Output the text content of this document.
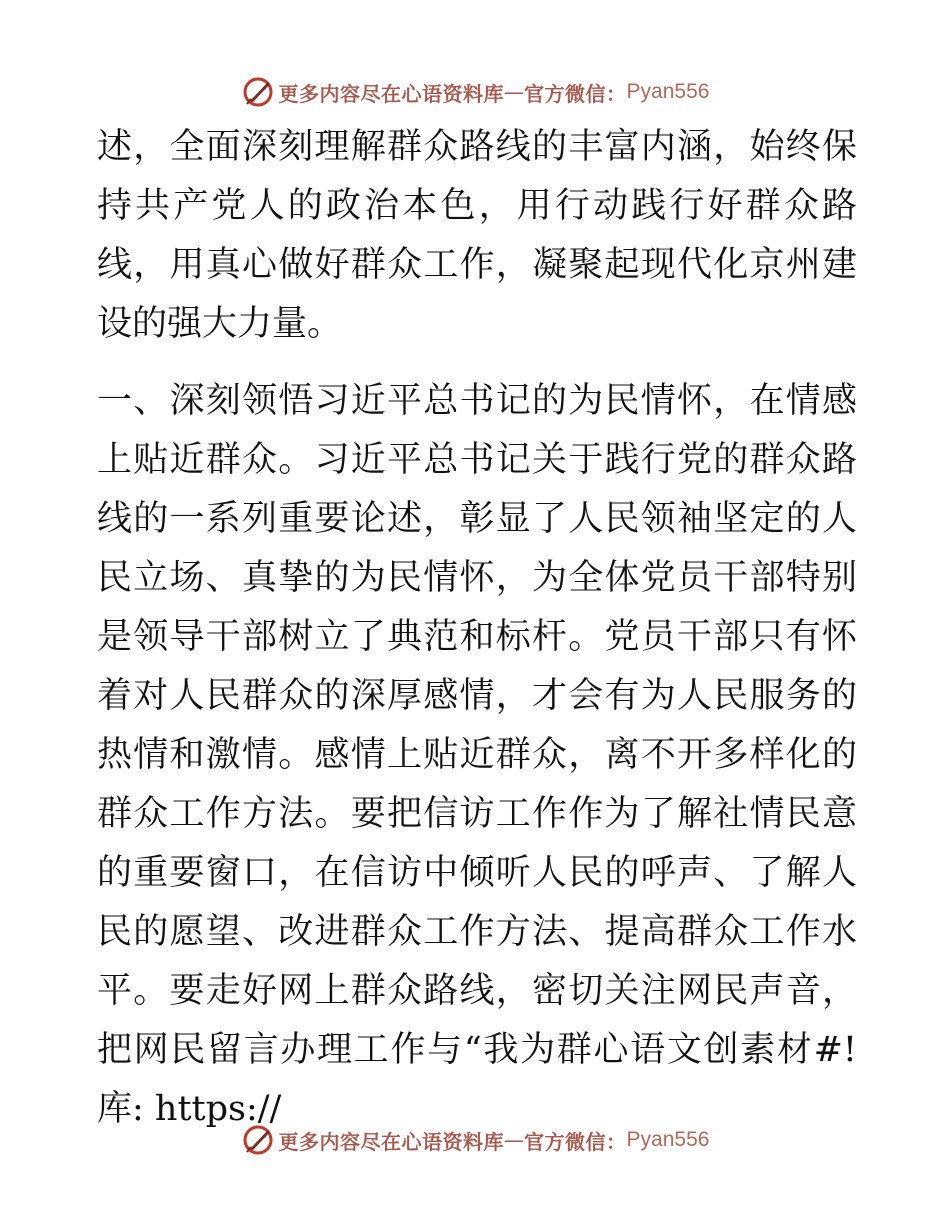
更多内容尽在心语资料库 — 官方微信： Pyan556

述，全面深刻理解群众路线的丰富内涵，始终保持共产党人的政治本色，用行动践行好群众路线，用真心做好群众工作，凝聚起现代化京州建设的强大力量。

一、深刻领悟习近平总书记的为民情怀，在情感上贴近群众。习近平总书记关于践行党的群众路线的一系列重要论述，彰显了人民领袖坚定的人民立场、真挚的为民情怀，为全体党员干部特别是领导干部树立了典范和标杆。党员干部只有怀着对人民群众的深厚感情，才会有为人民服务的热情和激情。感情上贴近群众，离不开多样化的群众工作方法。要把信访工作作为了解社情民意的重要窗口，在信访中倾听人民的呼声、了解人民的愿望、改进群众工作方法、提高群众工作水平。要走好网上群众路线，密切关注网民声音，把网民留言办理工作与“我为群心语文创素材#! 库: https://

更多内容尽在心语资料库 — 官方微信： Pyan556
